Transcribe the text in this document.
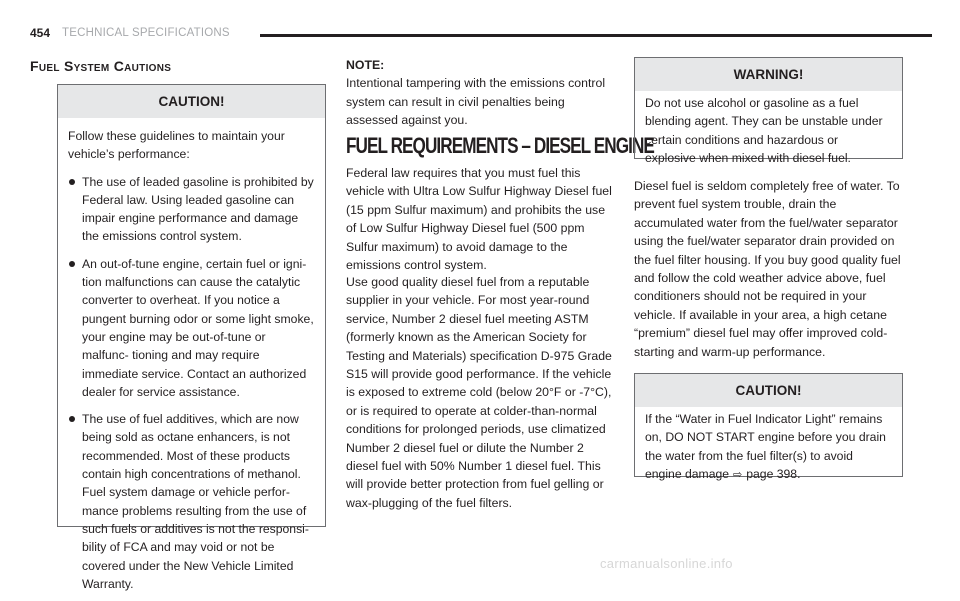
454 TECHNICAL SPECIFICATIONS
Fuel System Cautions
CAUTION!
Follow these guidelines to maintain your vehicle’s performance:
The use of leaded gasoline is prohibited by Federal law. Using leaded gasoline can impair engine performance and damage the emissions control system.
An out-of-tune engine, certain fuel or igni- tion malfunctions can cause the catalytic converter to overheat. If you notice a pungent burning odor or some light smoke, your engine may be out-of-tune or malfunc- tioning and may require immediate service. Contact an authorized dealer for service assistance.
The use of fuel additives, which are now being sold as octane enhancers, is not recommended. Most of these products contain high concentrations of methanol. Fuel system damage or vehicle perfor- mance problems resulting from the use of such fuels or additives is not the responsi- bility of FCA and may void or not be covered under the New Vehicle Limited Warranty.
NOTE:
Intentional tampering with the emissions control system can result in civil penalties being assessed against you.
FUEL REQUIREMENTS – DIESEL ENGINE
Federal law requires that you must fuel this vehicle with Ultra Low Sulfur Highway Diesel fuel (15 ppm Sulfur maximum) and prohibits the use of Low Sulfur Highway Diesel fuel (500 ppm Sulfur maximum) to avoid damage to the emissions control system.
Use good quality diesel fuel from a reputable supplier in your vehicle. For most year-round service, Number 2 diesel fuel meeting ASTM (formerly known as the American Society for Testing and Materials) specification D-975 Grade S15 will provide good performance. If the vehicle is exposed to extreme cold (below 20°F or -7°C), or is required to operate at colder-than-normal conditions for prolonged periods, use climatized Number 2 diesel fuel or dilute the Number 2 diesel fuel with 50% Number 1 diesel fuel. This will provide better protection from fuel gelling or wax-plugging of the fuel filters.
WARNING!
Do not use alcohol or gasoline as a fuel blending agent. They can be unstable under certain conditions and hazardous or explosive when mixed with diesel fuel.
Diesel fuel is seldom completely free of water. To prevent fuel system trouble, drain the accumulated water from the fuel/water separator using the fuel/water separator drain provided on the fuel filter housing. If you buy good quality fuel and follow the cold weather advice above, fuel conditioners should not be required in your vehicle. If available in your area, a high cetane “premium” diesel fuel may offer improved cold-starting and warm-up performance.
CAUTION!
If the “Water in Fuel Indicator Light” remains on, DO NOT START engine before you drain the water from the fuel filter(s) to avoid engine damage ⇨ page 398.
carmanualsonline.info
